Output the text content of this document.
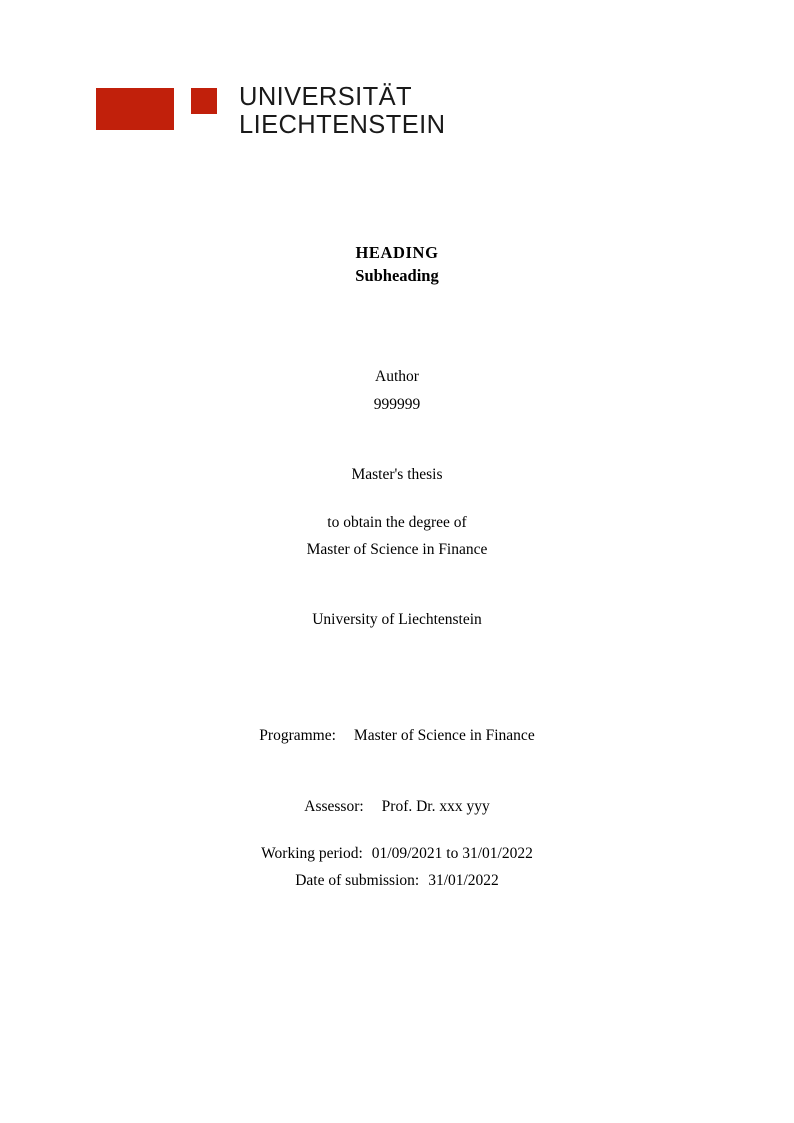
UNIVERSITÄT
LIECHTENSTEIN
HEADING
Subheading
Author
999999
Master's thesis
to obtain the degree of
Master of Science in Finance
University of Liechtenstein
Programme: Master of Science in Finance
Assessor: Prof. Dr. xxx yyy
Working period: 01/09/2021 to 31/01/2022
Date of submission: 31/01/2022
